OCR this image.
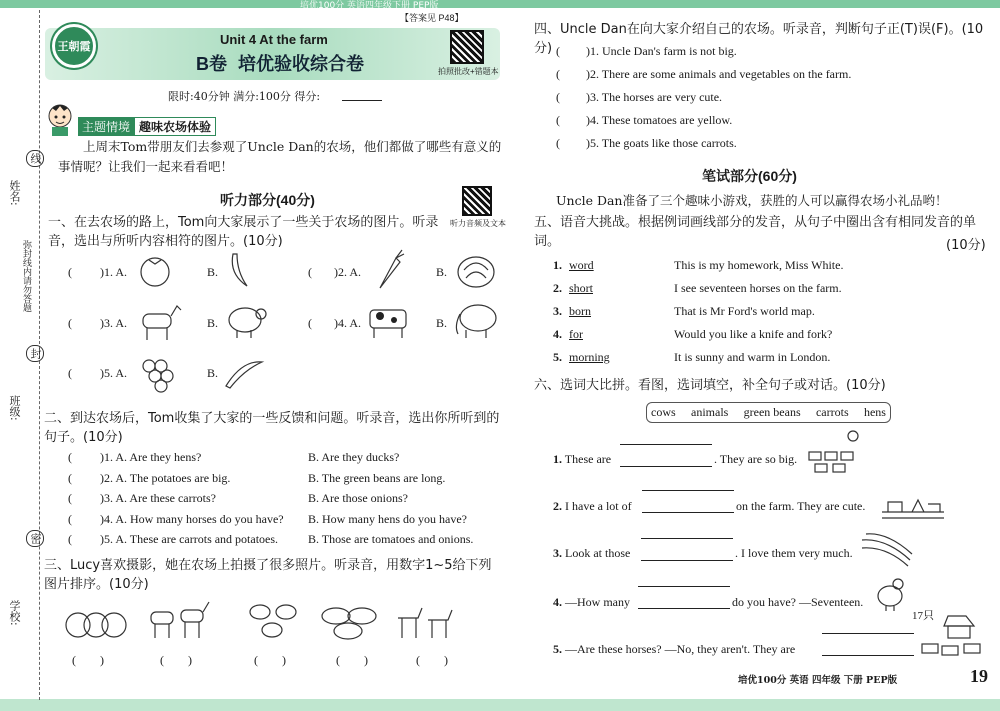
培优100分 英语四年级下册 PEP版
姓名:
班级:
学校:
弥封线内请勿答题
线
封
密
王朝霞
【答案见 P48】
Unit 4 At the farm
B卷 培优验收综合卷	拍照批改+错题本
限时:40分钟 满分:100分 得分:
主题情境 趣味农场体验
上周末Tom带朋友们去参观了Uncle Dan的农场，他们都做了哪些有意义的事情呢？让我们一起来看看吧！
听力部分(40分)
听力音频及文本
一、在去农场的路上，Tom向大家展示了一些关于农场的图片。听录音，选出与所听内容相符的图片。(10分)
( )1. A.	B.	( )2. A.	B.
( )3. A.	B.	( )4. A.	B.
( )5. A.	B.
二、到达农场后，Tom收集了大家的一些反馈和问题。听录音，选出你所听到的句子。(10分)
( )1. A. Are they hens?	B. Are they ducks?
( )2. A. The potatoes are big.	B. The green beans are long.
( )3. A. Are these carrots?	B. Are those onions?
( )4. A. How many horses do you have? B. How many hens do you have?
( )5. A. These are carrots and potatoes. B. Those are tomatoes and onions.
三、Lucy喜欢摄影，她在农场上拍摄了很多照片。听录音，用数字1~5给下列图片排序。(10分)
(　　)	(　　)	(　　)	(　　)	(　　)
四、Uncle Dan在向大家介绍自己的农场。听录音，判断句子正(T)误(F)。(10分) ( )1. Uncle Dan's farm is not big.
( )2. There are some animals and vegetables on the farm.
( )3. The horses are very cute.
( )4. These tomatoes are yellow.
( )5. The goats like those carrots.
笔试部分(60分)
Uncle Dan准备了三个趣味小游戏，获胜的人可以赢得农场小礼品哟！
五、语音大挑战。根据例词画线部分的发音，从句子中圈出含有相同发音的单词。	(10分)
1. word	This is my homework, Miss White.
2. short	I see seventeen horses on the farm.
3. born	That is Mr Ford's world map.
4. for	Would you like a knife and fork?
5. morning	It is sunny and warm in London.
六、选词大比拼。看图，选词填空，补全句子或对话。(10分)
cows animals green beans carrots hens
1. These are	. They are so big.
2. I have a lot of	on the farm. They are cute.
3. Look at those	. I love them very much.
4. —How many	do you have? —Seventeen.
17只
5. —Are these horses? —No, they aren't. They are
培优100分 英语 四年级 下册 PEP版	19
